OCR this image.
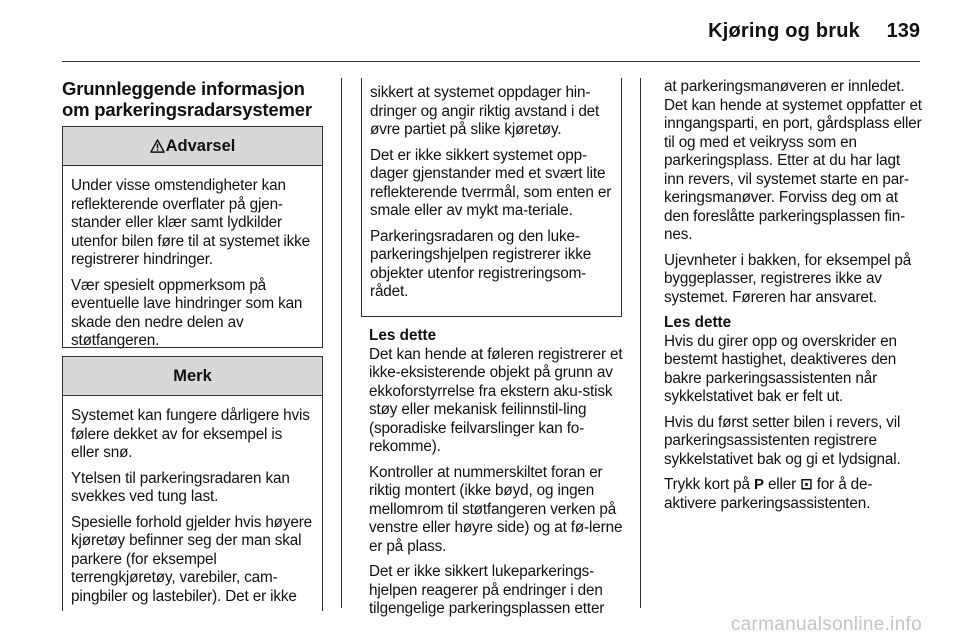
Kjøring og bruk 139
Grunnleggende informasjon om parkeringsradarsystemer
Advarsel

Under visse omstendigheter kan reflekterende overflater på gjen-stander eller klær samt lydkilder utenfor bilen føre til at systemet ikke registrerer hindringer.

Vær spesielt oppmerksom på eventuelle lave hindringer som kan skade den nedre delen av støtfangeren.

Merk

Systemet kan fungere dårligere hvis følere dekket av for eksempel is eller snø.

Ytelsen til parkeringsradaren kan svekkes ved tung last.

Spesielle forhold gjelder hvis høyere kjøretøy befinner seg der man skal parkere (for eksempel terrengkjøretøy, varebiler, cam-pingbiler og lastebiler). Det er ikke

sikkert at systemet oppdager hin-dringer og angir riktig avstand i det øvre partiet på slike kjøretøy.

Det er ikke sikkert systemet opp-dager gjenstander med et svært lite reflekterende tverrmål, som enten er smale eller av mykt ma-teriale.

Parkeringsradaren og den luke-parkeringshjelpen registrerer ikke objekter utenfor registreringsom-rådet.

Les dette

Det kan hende at føleren registrerer et ikke-eksisterende objekt på grunn av ekkoforstyrrelse fra ekstern aku-stisk støy eller mekanisk feilinnstil-ling (sporadiske feilvarslinger kan fo-rekomme).

Kontroller at nummerskiltet foran er riktig montert (ikke bøyd, og ingen mellomrom til støtfangeren verken på venstre eller høyre side) og at fø-lerne er på plass.

Det er ikke sikkert lukeparkerings-hjelpen reagerer på endringer i den tilgengelige parkeringsplassen etter

at parkeringsmanøveren er innledet. Det kan hende at systemet oppfatter et inngangsparti, en port, gårdsplass eller til og med et veikryss som en parkeringsplass. Etter at du har lagt inn revers, vil systemet starte en par-keringsmanøver. Forviss deg om at den foreslåtte parkeringsplassen fin-nes.

Ujevnheter i bakken, for eksempel på byggeplasser, registreres ikke av systemet. Føreren har ansvaret.

Les dette

Hvis du girer opp og overskrider en bestemt hastighet, deaktiveres den bakre parkeringsassistenten når sykkelstativet bak er felt ut.

Hvis du først setter bilen i revers, vil parkeringsassistenten registrere sykkelstativet bak og gi et lydsignal.

Trykk kort på P eller ⊡ for å de-aktivere parkeringsassistenten.

carmanualsonline.info
